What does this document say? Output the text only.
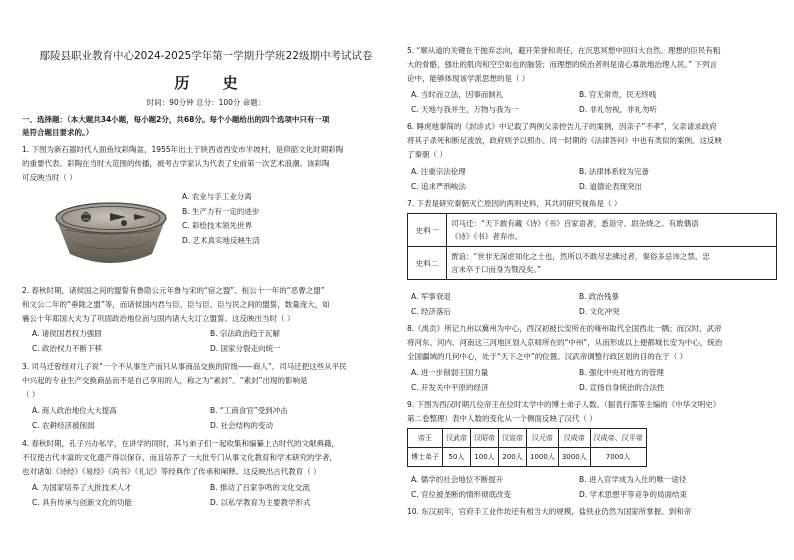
鄢陵县职业教育中心2024-2025学年第一学期升学班22级期中考试试卷
历 史
时间：90分钟 总分：100分 命题：
一、选择题：（本大题共34小题，每小题2分，共68分。每个小题给出的四个选项中只有一项
是符合题目要求的。）
1. 下图为新石器时代人面鱼纹彩陶盆，1955年出土于陕西省西安市半坡村，是仰韶文化时期彩陶
的重要代表。彩陶在当时大范围的传播，被考古学家认为代表了史前第一次艺术浪潮。该彩陶
可反映当时（ ）
A. 农业与手工业分离
B. 生产力有一定的进步
C. 彩绘技术领先世界
D. 艺术真实地反映生活
2. 春秋时期，诸侯国之间的盟誓有鲁隐公元年鲁与宋的“宿之盟”、桓公十一年的“恶曹之盟”
和文公二年的“垂陇之盟”等，而诸侯国内君与臣、臣与臣、臣与民之间的盟誓，数量庞大，如
襄公十年郑国大夫为了巩固政治地位而与国内诸大夫订立盟誓。这反映出当时（ ）
A. 诸侯国君权力强固	B. 宗法政治趋于瓦解
C. 政治权力不断下移	D. 国家分裂走向统一
3. 司马迁曾经对儿子说“一个不从事生产而只从事商品交换的阶级——商人”。司马迁把这些从平民
中兴起的专业生产交换商品而不是自己享用的人，称之为“素封”。“素封”出现的影响是
（ ）
A. 商人政治地位大大提高	B. “工商食官”受到冲击
C. 农耕经济被削弱	D. 社会结构的变动
4. 春秋时期，孔子兴办私学，在讲学的同时，其与弟子们一起收集和编纂上古时代的文献典籍，
不仅使古代丰富的文化遗产得以保存，而且培养了一大批专门从事文化教育和学术研究的学者，
也对诸如《诗经》《易经》《尚书》《礼记》等经典作了传承和阐释。这反映出古代教育（ ）
A. 为国家培养了大批技术人才	B. 推动了百家争鸣的文化交流
C. 具有传承与创新文化的功能	D. 以私学教育为主要教学形式
5. “顺从道的关键在于抛弃志向，避开荣誉和责任，在沉思冥想中回归大自然。理想的臣民有粗
大的骨骼，强壮的肌肉和空空如也的脑袋；而理想的统治者则是清心寡欲地治理人民。” 下列言
论中，能够体现该学派思想的是（ ）
A. 当时而立法，因事而制礼	B. 官无常贵，民无终贱
C. 天地与我并生，万物与我为一	D. 非礼勿视，非礼勿听
6. 睡虎地秦简的《封诊式》中记载了两例父亲控告儿子的案例，因亲子“不孝”，父亲请求政府
将其子杀死和断足流放，政府则予以照办。同一时期的《法律答问》中也有类似的案例。这反映
了秦朝（ ）
A. 注重宗法伦理	B. 法律体系较为完备
C. 追求严刑峻法	D. 道德论表现突出
7. 下表是研究秦朝灭亡原因的两则史料，其共同研究视角是（ ）
史料一	司马迁：“天下敢有藏《诗》《书》百家语者，悉诣守、尉杂烧之。有敢偶语
《诗》《书》者弃市。

史料二	贾谊：“世非无深虑知化之士也，然所以不敢尽忠拂过者，秦俗多忌讳之禁，忠
言未卒于口而身为戮没矣。”
A. 军事衰退	B. 政治残暴
C. 经济落后	D. 文化冲突
8.《禹贡》所记九州以冀州为中心，西汉初被长安所在的雍州取代全国西北一隅；而汉时，武帝
将河东、河内、河南这三河地区划入京师所在的“中州”，从而形成以上便都城长安为中心，统治
全国疆域的几何中心，处于“天下之中”的位置。汉武帝调整行政区划的目的在于（ ）
A. 进一步削弱王国力量	B. 强化中央对地方的管理
C. 开发关中平原的经济	D. 宣扬自身统治的合法性
9. 下图为西汉时期几位帝王在位时太学中的博士弟子人数。（据袁行霈等主编的《中华文明史》
第二卷整理）表中人数的变化从一个侧面反映了汉代（ ）
帝王	汉武帝	汉昭帝	汉宣帝	汉元帝	汉成帝	汉成帝、汉平帝
博士弟子	50人	100人	200人	1000人	3000人	7000人
A. 儒学的社会地位不断提升	B. 进入官学成为入仕的唯一途径
C. 官位被垄断的情形彻底改变	D. 学术思想平等竞争的局面结束
10. 东汉初年，官府手工业作坊还有相当大的规模，盐铁业仍然为国家所掌握。到和帝
